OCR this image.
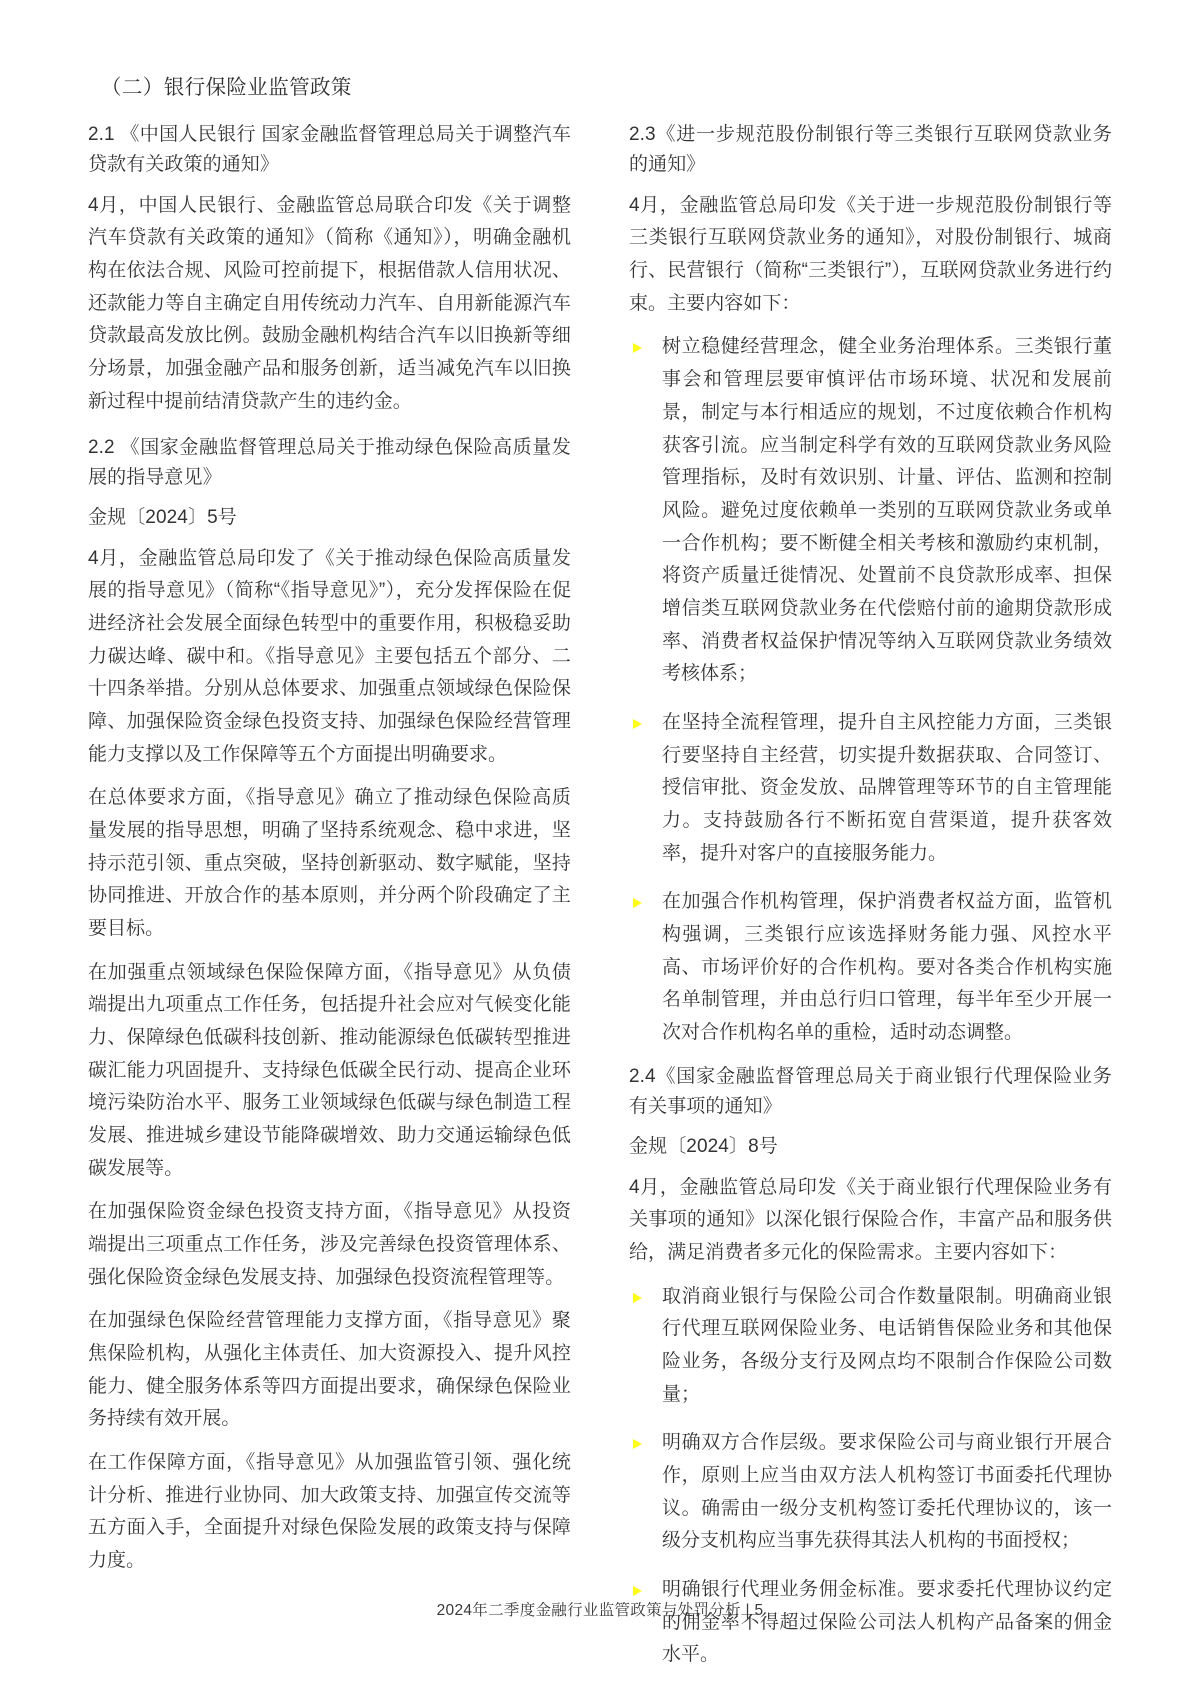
（二）银行保险业监管政策
2.1 《中国人民银行 国家金融监督管理总局关于调整汽车贷款有关政策的通知》

4月，中国人民银行、金融监管总局联合印发《关于调整汽车贷款有关政策的通知》（简称《通知》），明确金融机构在依法合规、风险可控前提下，根据借款人信用状况、还款能力等自主确定自用传统动力汽车、自用新能源汽车贷款最高发放比例。鼓励金融机构结合汽车以旧换新等细分场景，加强金融产品和服务创新，适当减免汽车以旧换新过程中提前结清贷款产生的违约金。

2.2 《国家金融监督管理总局关于推动绿色保险高质量发展的指导意见》

金规〔2024〕5号

4月，金融监管总局印发了《关于推动绿色保险高质量发展的指导意见》（简称“《指导意见》”），充分发挥保险在促进经济社会发展全面绿色转型中的重要作用，积极稳妥助力碳达峰、碳中和。《指导意见》主要包括五个部分、二十四条举措。分别从总体要求、加强重点领域绿色保险保障、加强保险资金绿色投资支持、加强绿色保险经营管理能力支撑以及工作保障等五个方面提出明确要求。

在总体要求方面，《指导意见》确立了推动绿色保险高质量发展的指导思想，明确了坚持系统观念、稳中求进，坚持示范引领、重点突破，坚持创新驱动、数字赋能，坚持协同推进、开放合作的基本原则，并分两个阶段确定了主要目标。

在加强重点领域绿色保险保障方面，《指导意见》从负债端提出九项重点工作任务，包括提升社会应对气候变化能力、保障绿色低碳科技创新、推动能源绿色低碳转型推进碳汇能力巩固提升、支持绿色低碳全民行动、提高企业环境污染防治水平、服务工业领域绿色低碳与绿色制造工程发展、推进城乡建设节能降碳增效、助力交通运输绿色低碳发展等。

在加强保险资金绿色投资支持方面，《指导意见》从投资端提出三项重点工作任务，涉及完善绿色投资管理体系、强化保险资金绿色发展支持、加强绿色投资流程管理等。

在加强绿色保险经营管理能力支撑方面，《指导意见》聚焦保险机构，从强化主体责任、加大资源投入、提升风控能力、健全服务体系等四方面提出要求，确保绿色保险业务持续有效开展。

在工作保障方面，《指导意见》从加强监管引领、强化统计分析、推进行业协同、加大政策支持、加强宣传交流等五方面入手，全面提升对绿色保险发展的政策支持与保障力度。

2.3《进一步规范股份制银行等三类银行互联网贷款业务的通知》

4月，金融监管总局印发《关于进一步规范股份制银行等三类银行互联网贷款业务的通知》，对股份制银行、城商行、民营银行（简称“三类银行”），互联网贷款业务进行约束。主要内容如下：

树立稳健经营理念，健全业务治理体系。三类银行董事会和管理层要审慎评估市场环境、状况和发展前景，制定与本行相适应的规划，不过度依赖合作机构获客引流。应当制定科学有效的互联网贷款业务风险管理指标，及时有效识别、计量、评估、监测和控制风险。避免过度依赖单一类别的互联网贷款业务或单一合作机构；要不断健全相关考核和激励约束机制，将资产质量迁徙情况、处置前不良贷款形成率、担保增信类互联网贷款业务在代偿赔付前的逾期贷款形成率、消费者权益保护情况等纳入互联网贷款业务绩效考核体系；
在坚持全流程管理，提升自主风控能力方面，三类银行要坚持自主经营，切实提升数据获取、合同签订、授信审批、资金发放、品牌管理等环节的自主管理能力。支持鼓励各行不断拓宽自营渠道，提升获客效率，提升对客户的直接服务能力。
在加强合作机构管理，保护消费者权益方面，监管机构强调，三类银行应该选择财务能力强、风控水平高、市场评价好的合作机构。要对各类合作机构实施名单制管理，并由总行归口管理，每半年至少开展一次对合作机构名单的重检，适时动态调整。
2.4《国家金融监督管理总局关于商业银行代理保险业务有关事项的通知》

金规〔2024〕8号

4月，金融监管总局印发《关于商业银行代理保险业务有关事项的通知》以深化银行保险合作，丰富产品和服务供给，满足消费者多元化的保险需求。主要内容如下：

取消商业银行与保险公司合作数量限制。明确商业银行代理互联网保险业务、电话销售保险业务和其他保险业务，各级分支行及网点均不限制合作保险公司数量；
明确双方合作层级。要求保险公司与商业银行开展合作，原则上应当由双方法人机构签订书面委托代理协议。确需由一级分支机构签订委托代理协议的，该一级分支机构应当事先获得其法人机构的书面授权；
明确银行代理业务佣金标准。要求委托代理协议约定的佣金率不得超过保险公司法人机构产品备案的佣金水平。
2024年二季度金融行业监管政策与处罚分析 | 5
